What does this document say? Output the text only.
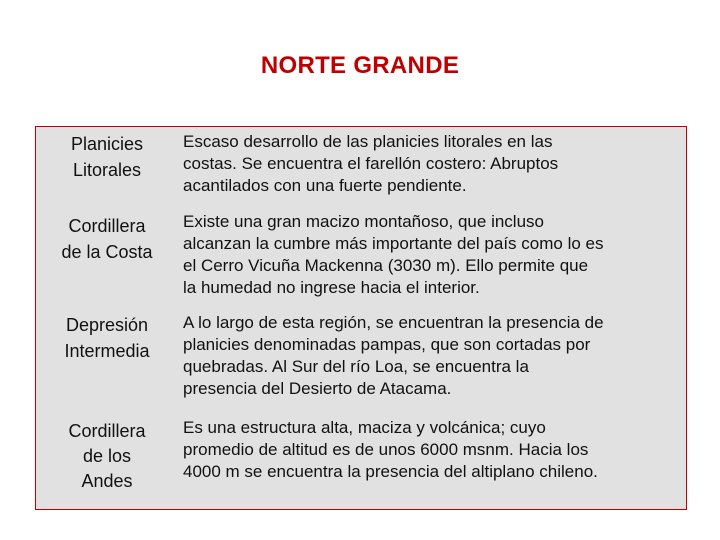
NORTE GRANDE
Planicies
Litorales
Escaso desarrollo de las planicies litorales en las
costas. Se encuentra el farellón costero: Abruptos
acantilados con una fuerte pendiente.
Cordillera
de la Costa
Existe una gran macizo montañoso, que incluso
alcanzan la cumbre más importante del país como lo es
el Cerro Vicuña Mackenna (3030 m). Ello permite que
la humedad no ingrese hacia el interior.
Depresión
Intermedia
A lo largo de esta región, se encuentran la presencia de
planicies denominadas pampas, que son cortadas por
quebradas. Al Sur del río Loa, se encuentra la
presencia del Desierto de Atacama.
Cordillera
de los
Andes
Es una estructura alta, maciza y volcánica; cuyo
promedio de altitud es de unos 6000 msnm. Hacia los
4000 m se encuentra la presencia del altiplano chileno.
